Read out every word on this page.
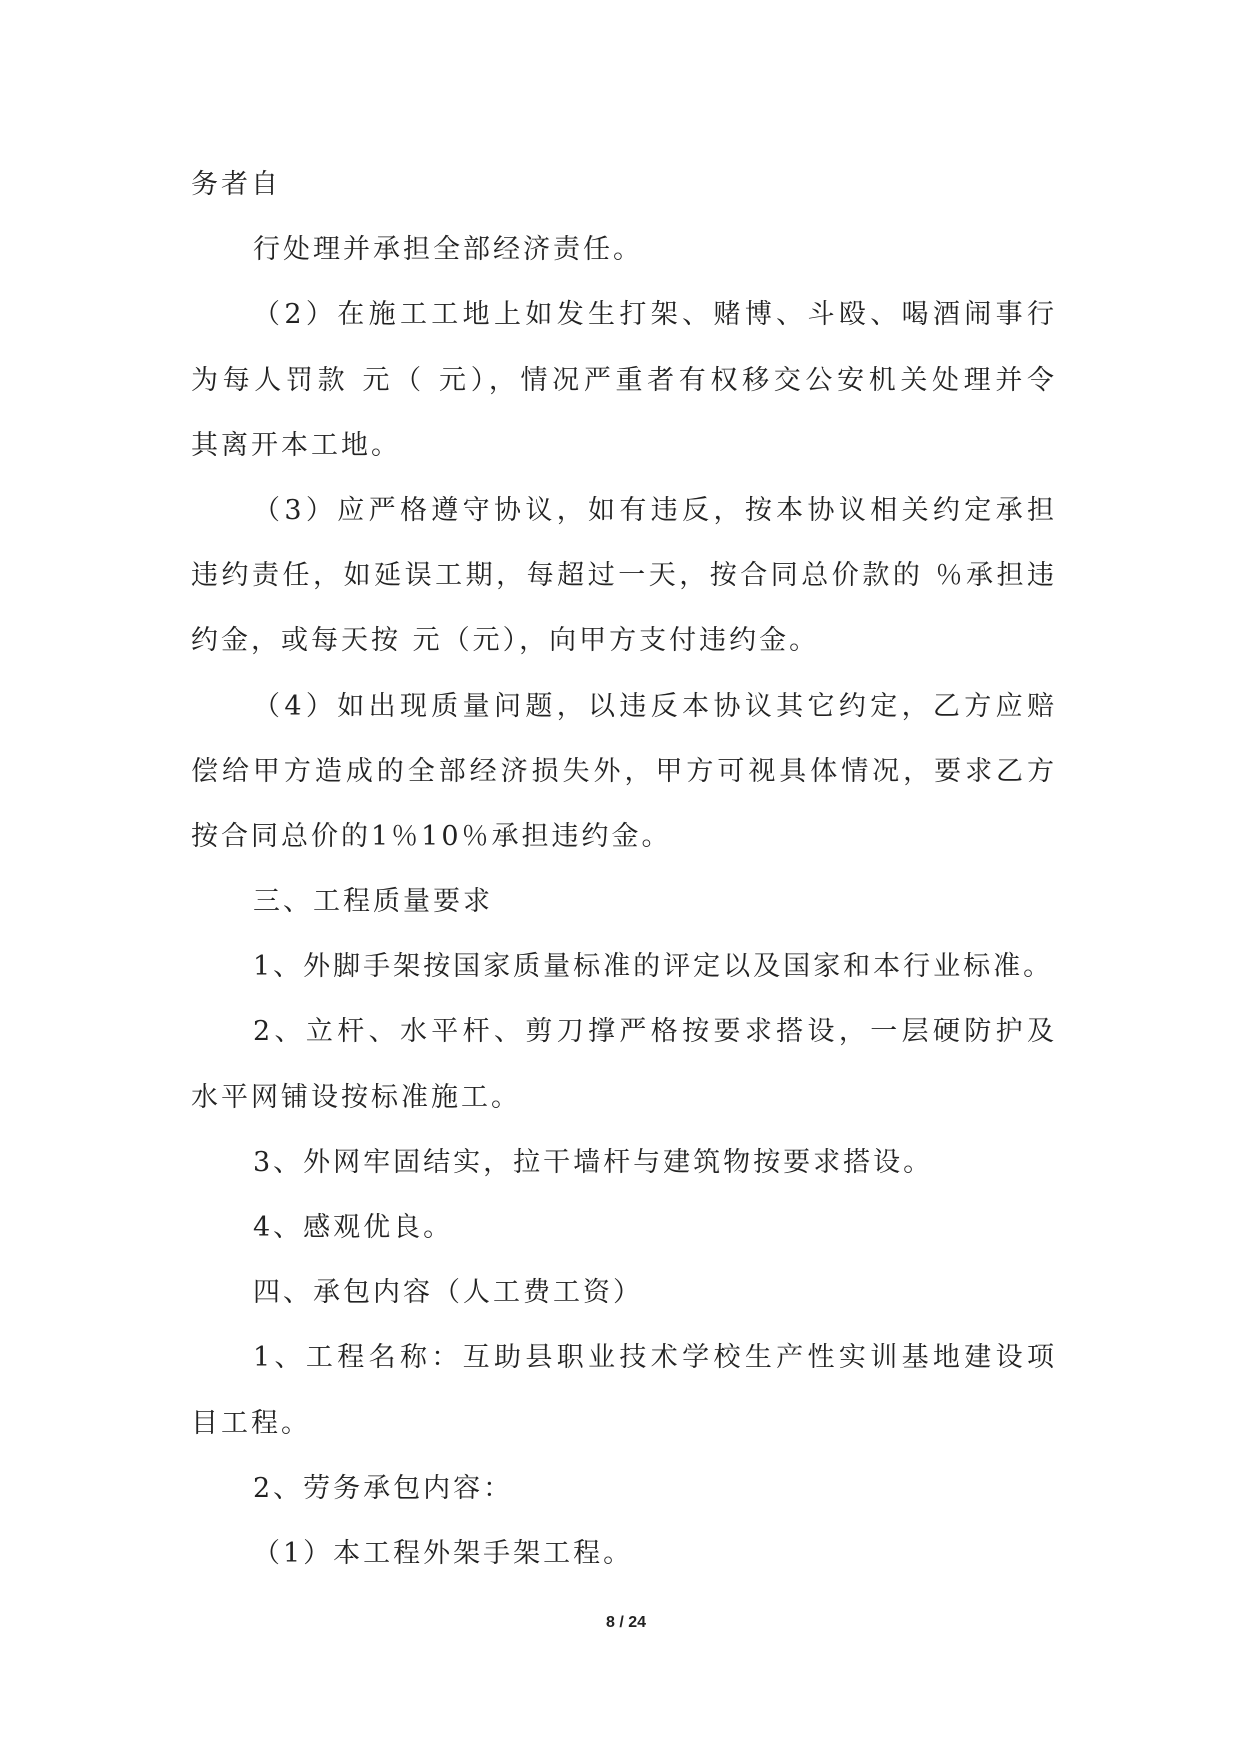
务者自
行处理并承担全部经济责任。
（2）在施工工地上如发生打架、赌博、斗殴、喝酒闹事行
为每人罚款 元（ 元），情况严重者有权移交公安机关处理并令
其离开本工地。
（3）应严格遵守协议，如有违反，按本协议相关约定承担
违约责任，如延误工期，每超过一天，按合同总价款的 ％承担违
约金，或每天按 元（元），向甲方支付违约金。
（4）如出现质量问题，以违反本协议其它约定，乙方应赔
偿给甲方造成的全部经济损失外，甲方可视具体情况，要求乙方
按合同总价的1％10％承担违约金。
三、工程质量要求
1、外脚手架按国家质量标准的评定以及国家和本行业标准。
2、立杆、水平杆、剪刀撑严格按要求搭设，一层硬防护及
水平网铺设按标准施工。
3、外网牢固结实，拉干墙杆与建筑物按要求搭设。
4、感观优良。
四、承包内容（人工费工资）
1、工程名称：互助县职业技术学校生产性实训基地建设项
目工程。
2、劳务承包内容：
（1）本工程外架手架工程。
8 / 24
